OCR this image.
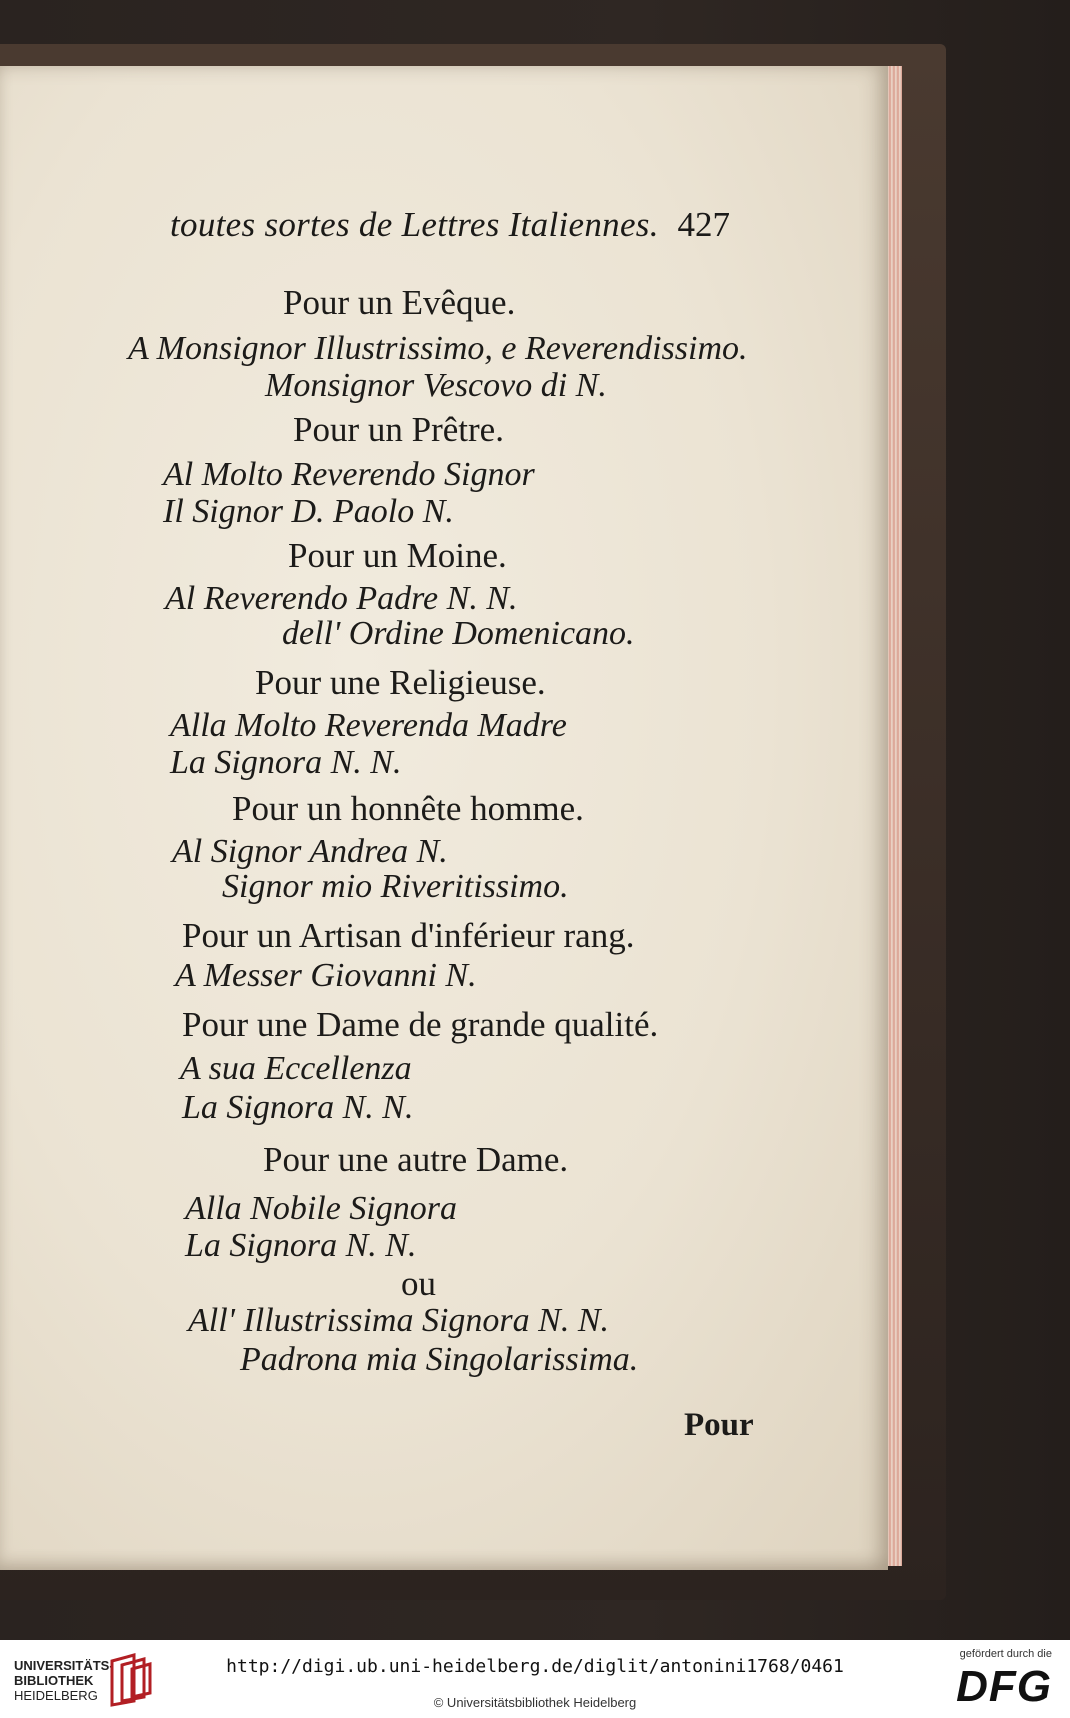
toutes sortes de Lettres Italiennes. 427
Pour un Evêque.
A Monsignor Illustrissimo, e Reverendissimo.
Monsignor Vescovo di N.
Pour un Prêtre.
Al Molto Reverendo Signor
Il Signor D. Paolo N.
Pour un Moine.
Al Reverendo Padre N. N.
dell' Ordine Domenicano.
Pour une Religieuse.
Alla Molto Reverenda Madre
La Signora N. N.
Pour un honnête homme.
Al Signor Andrea N.
Signor mio Riveritissimo.
Pour un Artisan d'inférieur rang.
A Messer Giovanni N.
Pour une Dame de grande qualité.
A sua Eccellenza
La Signora N. N.
Pour une autre Dame.
Alla Nobile Signora
La Signora N. N.
ou
All' Illustrissima Signora N. N.
Padrona mia Singolarissima.
Pour
UNIVERSITÄTS-
BIBLIOTHEK
HEIDELBERG
http://digi.ub.uni-heidelberg.de/diglit/antonini1768/0461
© Universitätsbibliothek Heidelberg
gefördert durch die
DFG
